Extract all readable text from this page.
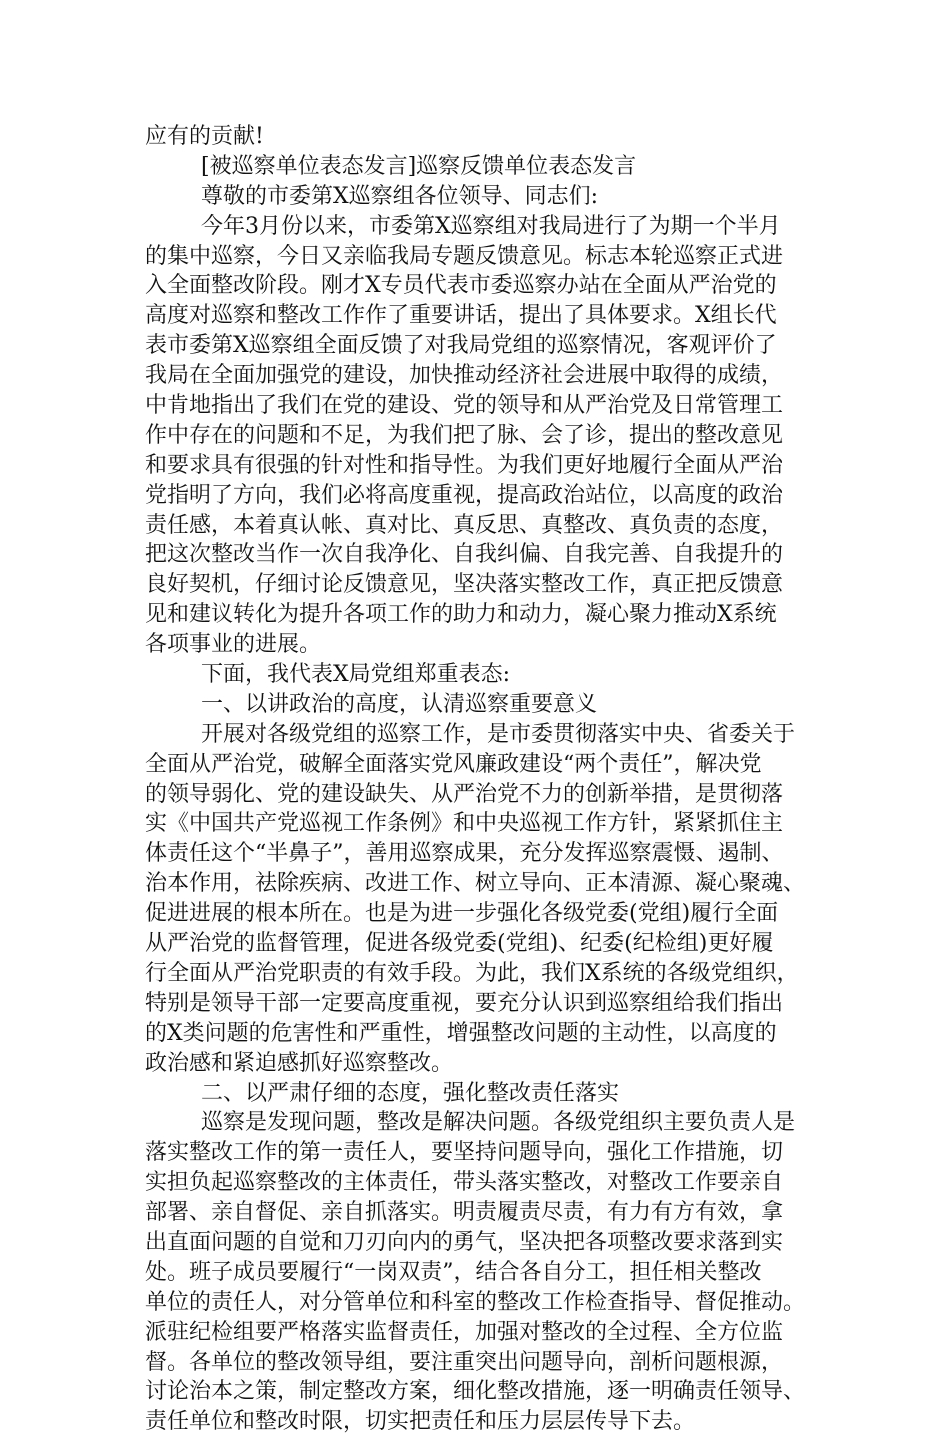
应有的贡献!
[被巡察单位表态发言]巡察反馈单位表态发言
尊敬的市委第X巡察组各位领导、同志们:
今年3月份以来，市委第X巡察组对我局进行了为期一个半月
的集中巡察，今日又亲临我局专题反馈意见。标志本轮巡察正式进
入全面整改阶段。刚才X专员代表市委巡察办站在全面从严治党的
高度对巡察和整改工作作了重要讲话，提出了具体要求。X组长代
表市委第X巡察组全面反馈了对我局党组的巡察情况，客观评价了
我局在全面加强党的建设，加快推动经济社会进展中取得的成绩，
中肯地指出了我们在党的建设、党的领导和从严治党及日常管理工
作中存在的问题和不足，为我们把了脉、会了诊，提出的整改意见
和要求具有很强的针对性和指导性。为我们更好地履行全面从严治
党指明了方向，我们必将高度重视，提高政治站位，以高度的政治
责任感，本着真认帐、真对比、真反思、真整改、真负责的态度，
把这次整改当作一次自我净化、自我纠偏、自我完善、自我提升的
良好契机，仔细讨论反馈意见，坚决落实整改工作，真正把反馈意
见和建议转化为提升各项工作的助力和动力，凝心聚力推动X系统
各项事业的进展。
下面，我代表X局党组郑重表态:
一、以讲政治的高度，认清巡察重要意义
开展对各级党组的巡察工作，是市委贯彻落实中央、省委关于
全面从严治党，破解全面落实党风廉政建设“两个责任”，解决党
的领导弱化、党的建设缺失、从严治党不力的创新举措，是贯彻落
实《中国共产党巡视工作条例》和中央巡视工作方针，紧紧抓住主
体责任这个“半鼻子”，善用巡察成果，充分发挥巡察震慑、遏制、
治本作用，祛除疾病、改进工作、树立导向、正本清源、凝心聚魂、
促进进展的根本所在。也是为进一步强化各级党委(党组)履行全面
从严治党的监督管理，促进各级党委(党组)、纪委(纪检组)更好履
行全面从严治党职责的有效手段。为此，我们X系统的各级党组织，
特别是领导干部一定要高度重视，要充分认识到巡察组给我们指出
的X类问题的危害性和严重性，增强整改问题的主动性，以高度的
政治感和紧迫感抓好巡察整改。
二、以严肃仔细的态度，强化整改责任落实
巡察是发现问题，整改是解决问题。各级党组织主要负责人是
落实整改工作的第一责任人，要坚持问题导向，强化工作措施，切
实担负起巡察整改的主体责任，带头落实整改，对整改工作要亲自
部署、亲自督促、亲自抓落实。明责履责尽责，有力有方有效，拿
出直面问题的自觉和刀刃向内的勇气，坚决把各项整改要求落到实
处。班子成员要履行“一岗双责”，结合各自分工，担任相关整改
单位的责任人，对分管单位和科室的整改工作检查指导、督促推动。
派驻纪检组要严格落实监督责任，加强对整改的全过程、全方位监
督。各单位的整改领导组，要注重突出问题导向，剖析问题根源，
讨论治本之策，制定整改方案，细化整改措施，逐一明确责任领导、
责任单位和整改时限，切实把责任和压力层层传导下去。
